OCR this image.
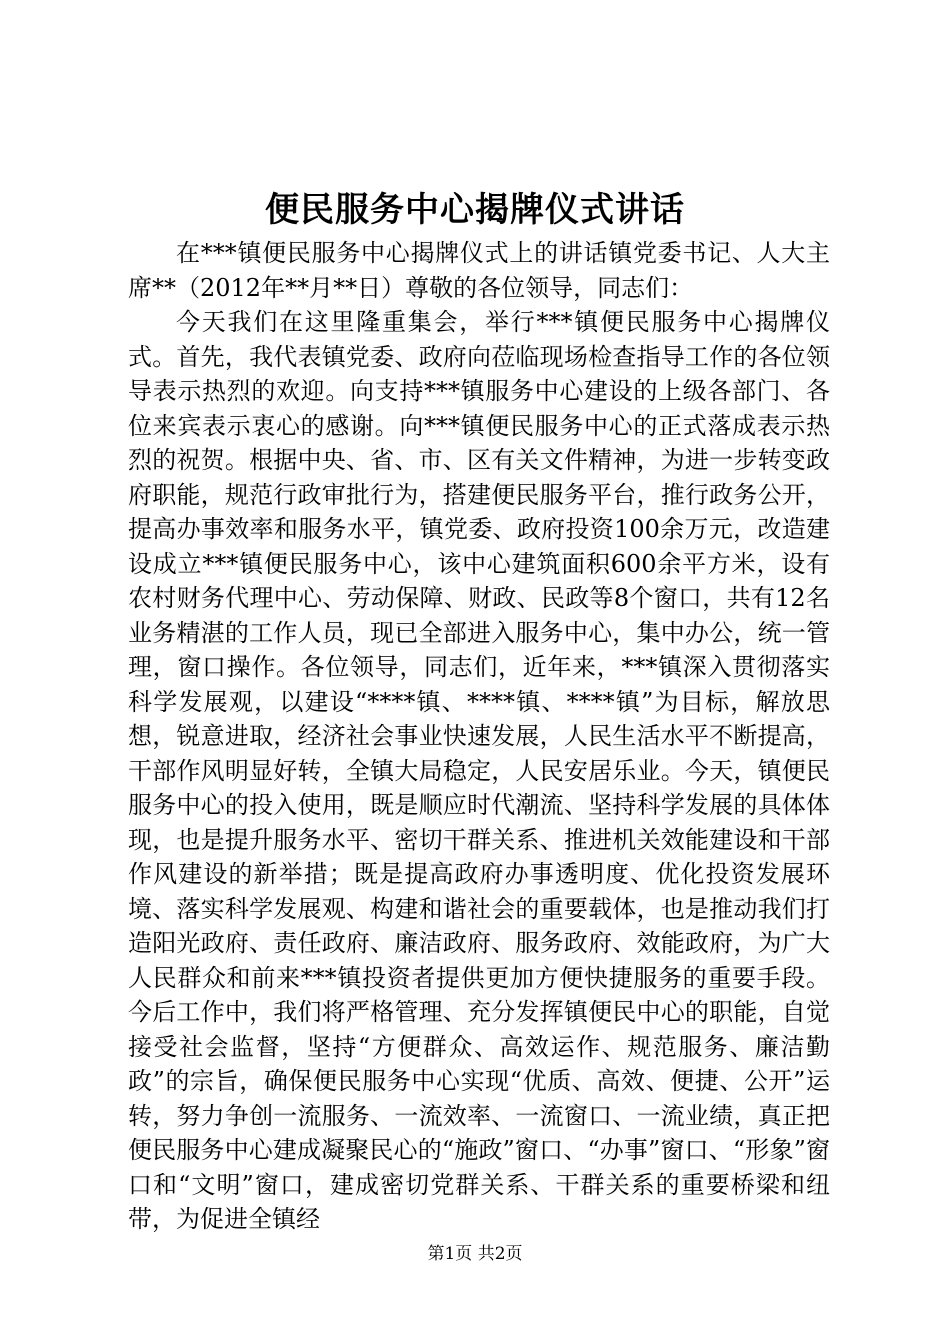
便民服务中心揭牌仪式讲话

在***镇便民服务中心揭牌仪式上的讲话镇党委书记、人大主席**（2012年**月**日）尊敬的各位领导，同志们：

今天我们在这里隆重集会，举行***镇便民服务中心揭牌仪式。首先，我代表镇党委、政府向莅临现场检查指导工作的各位领导表示热烈的欢迎。向支持***镇服务中心建设的上级各部门、各位来宾表示衷心的感谢。向***镇便民服务中心的正式落成表示热烈的祝贺。根据中央、省、市、区有关文件精神，为进一步转变政府职能，规范行政审批行为，搭建便民服务平台，推行政务公开，提高办事效率和服务水平，镇党委、政府投资100余万元，改造建设成立***镇便民服务中心，该中心建筑面积600余平方米，设有农村财务代理中心、劳动保障、财政、民政等8个窗口，共有12名业务精湛的工作人员，现已全部进入服务中心，集中办公，统一管理，窗口操作。各位领导，同志们，近年来，***镇深入贯彻落实科学发展观，以建设“****镇、****镇、****镇”为目标，解放思想，锐意进取，经济社会事业快速发展，人民生活水平不断提高，干部作风明显好转，全镇大局稳定，人民安居乐业。今天，镇便民服务中心的投入使用，既是顺应时代潮流、坚持科学发展的具体体现，也是提升服务水平、密切干群关系、推进机关效能建设和干部作风建设的新举措；既是提高政府办事透明度、优化投资发展环境、落实科学发展观、构建和谐社会的重要载体，也是推动我们打造阳光政府、责任政府、廉洁政府、服务政府、效能政府，为广大人民群众和前来***镇投资者提供更加方便快捷服务的重要手段。今后工作中，我们将严格管理、充分发挥镇便民中心的职能，自觉接受社会监督，坚持“方便群众、高效运作、规范服务、廉洁勤政”的宗旨，确保便民服务中心实现“优质、高效、便捷、公开”运转，努力争创一流服务、一流效率、一流窗口、一流业绩，真正把便民服务中心建成凝聚民心的“施政”窗口、“办事”窗口、“形象”窗口和“文明”窗口，建成密切党群关系、干群关系的重要桥梁和纽带，为促进全镇经

第1页 共2页
